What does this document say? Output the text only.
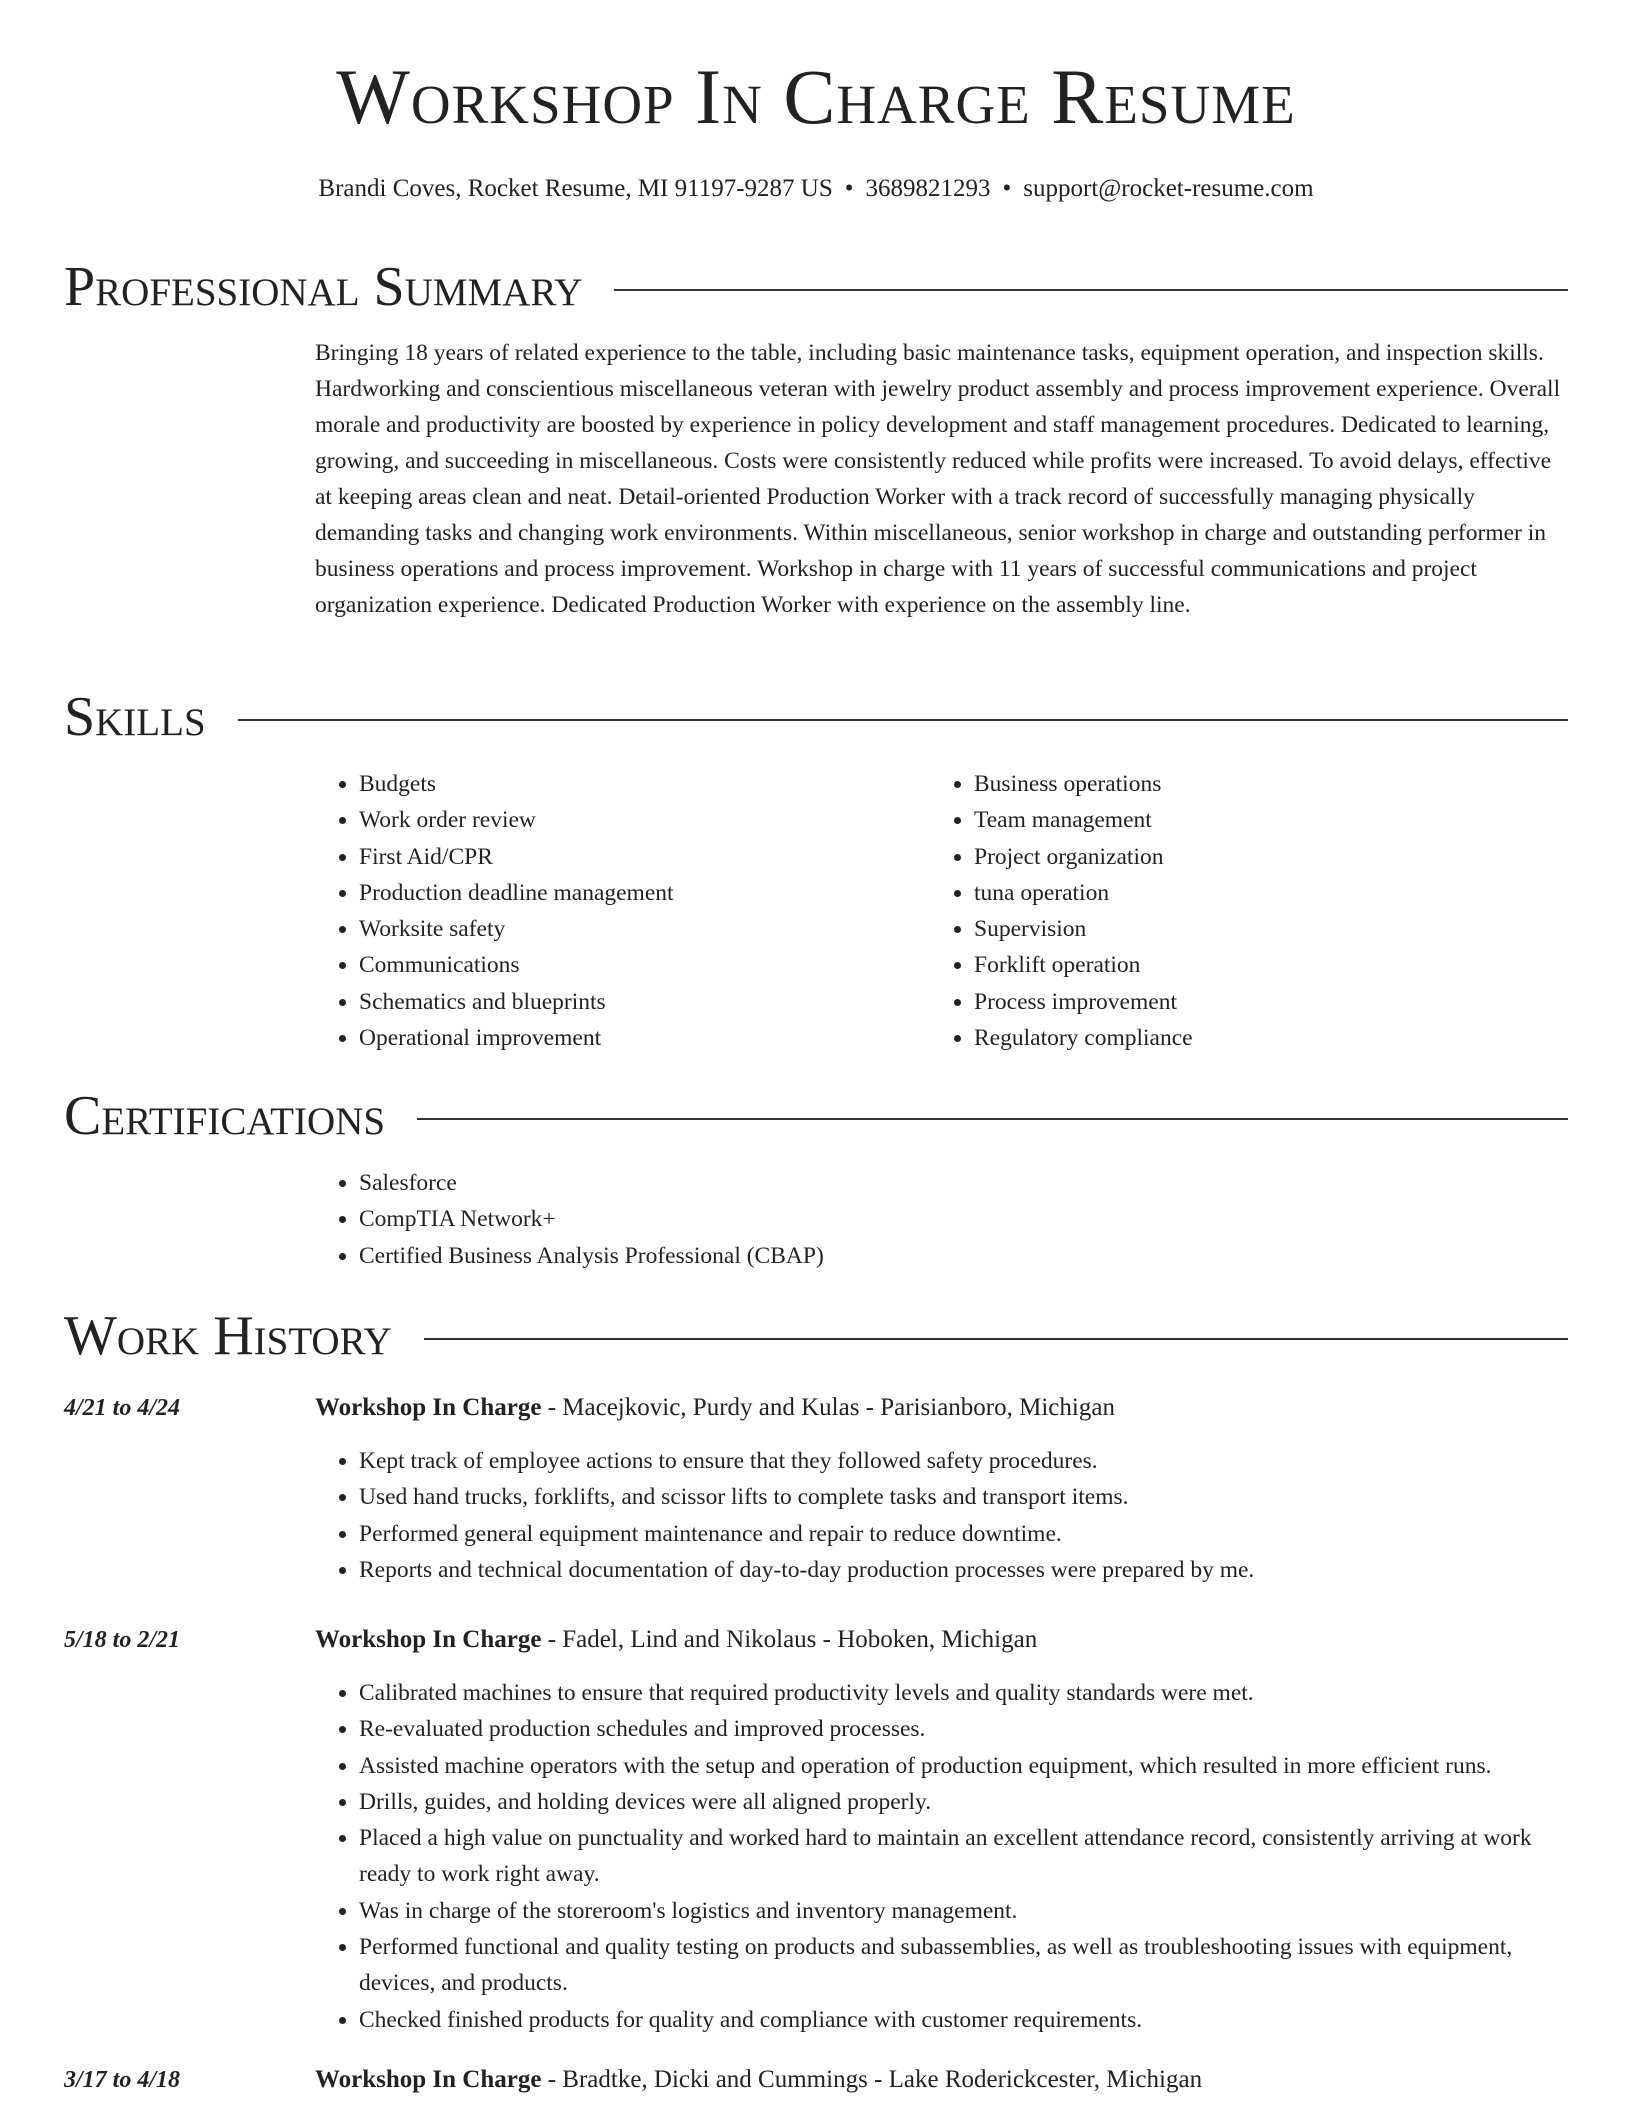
Workshop In Charge Resume
Brandi Coves, Rocket Resume, MI 91197-9287 US • 3689821293 • support@rocket-resume.com
Professional Summary
Bringing 18 years of related experience to the table, including basic maintenance tasks, equipment operation, and inspection skills. Hardworking and conscientious miscellaneous veteran with jewelry product assembly and process improvement experience. Overall morale and productivity are boosted by experience in policy development and staff management procedures. Dedicated to learning, growing, and succeeding in miscellaneous. Costs were consistently reduced while profits were increased. To avoid delays, effective at keeping areas clean and neat. Detail-oriented Production Worker with a track record of successfully managing physically demanding tasks and changing work environments. Within miscellaneous, senior workshop in charge and outstanding performer in business operations and process improvement. Workshop in charge with 11 years of successful communications and project organization experience. Dedicated Production Worker with experience on the assembly line.
Skills
• Budgets
• Work order review
• First Aid/CPR
• Production deadline management
• Worksite safety
• Communications
• Schematics and blueprints
• Operational improvement
• Business operations
• Team management
• Project organization
• tuna operation
• Supervision
• Forklift operation
• Process improvement
• Regulatory compliance
Certifications
• Salesforce
• CompTIA Network+
• Certified Business Analysis Professional (CBAP)
Work History
4/21 to 4/24	Workshop In Charge - Macejkovic, Purdy and Kulas - Parisianboro, Michigan
• Kept track of employee actions to ensure that they followed safety procedures.
• Used hand trucks, forklifts, and scissor lifts to complete tasks and transport items.
• Performed general equipment maintenance and repair to reduce downtime.
• Reports and technical documentation of day-to-day production processes were prepared by me.
5/18 to 2/21	Workshop In Charge - Fadel, Lind and Nikolaus - Hoboken, Michigan
• Calibrated machines to ensure that required productivity levels and quality standards were met.
• Re-evaluated production schedules and improved processes.
• Assisted machine operators with the setup and operation of production equipment, which resulted in more efficient runs.
• Drills, guides, and holding devices were all aligned properly.
• Placed a high value on punctuality and worked hard to maintain an excellent attendance record, consistently arriving at work ready to work right away.
• Was in charge of the storeroom's logistics and inventory management.
• Performed functional and quality testing on products and subassemblies, as well as troubleshooting issues with equipment, devices, and products.
• Checked finished products for quality and compliance with customer requirements.
3/17 to 4/18	Workshop In Charge - Bradtke, Dicki and Cummings - Lake Roderickcester, Michigan
